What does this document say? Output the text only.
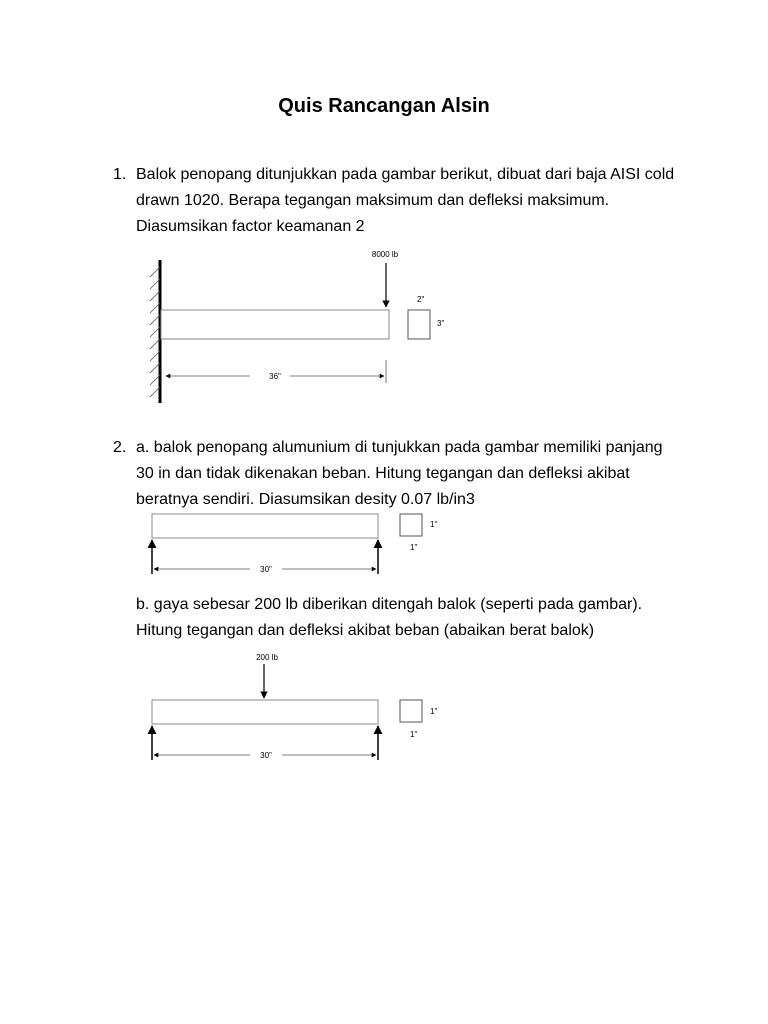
Quis Rancangan Alsin
1. Balok penopang ditunjukkan pada gambar berikut, dibuat dari baja AISI cold
drawn 1020. Berapa tegangan maksimum dan defleksi maksimum.
Diasumsikan factor keamanan 2
8000 lb
2"
3"
36"
2. a. balok penopang alumunium di tunjukkan pada gambar memiliki panjang
30 in dan tidak dikenakan beban. Hitung tegangan dan defleksi akibat
beratnya sendiri. Diasumsikan desity 0.07 lb/in3
30"
1"
1"
b. gaya sebesar 200 lb diberikan ditengah balok (seperti pada gambar).
Hitung tegangan dan defleksi akibat beban (abaikan berat balok)
200 lb
30"
1"
1"
